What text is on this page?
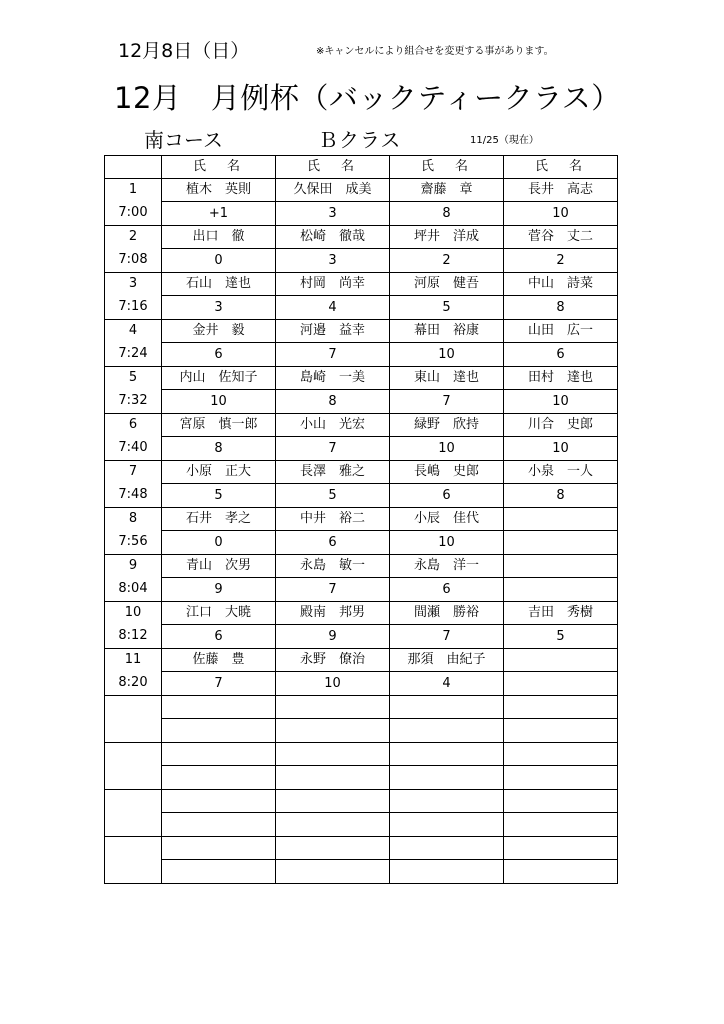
12月8日（日）	※キャンセルにより組合せを変更する事があります。
12月　月例杯（バックティークラス）
南コース	Ｂクラス	11/25（現在）
	氏　名	氏　名	氏　名	氏　名
1	植木　英則	久保田　成美	齋藤　章	長井　高志
7:00	+1	3	8	10
2	出口　徹	松崎　徹哉	坪井　洋成	菅谷　丈二
7:08	0	3	2	2
3	石山　達也	村岡　尚幸	河原　健吾	中山　詩菜
7:16	3	4	5	8
4	金井　毅	河邉　益幸	幕田　裕康	山田　広一
7:24	6	7	10	6
5	内山　佐知子	島崎　一美	東山　達也	田村　達也
7:32	10	8	7	10
6	宮原　慎一郎	小山　光宏	緑野　欣持	川合　史郎
7:40	8	7	10	10
7	小原　正大	長澤　雅之	長嶋　史郎	小泉　一人
7:48	5	5	6	8
8	石井　孝之	中井　裕二	小辰　佳代	
7:56	0	6	10	
9	青山　次男	永島　敏一	永島　洋一	
8:04	9	7	6	
10	江口　大暁	殿南　邦男	間瀬　勝裕	吉田　秀樹
8:12	6	9	7	5
11	佐藤　豊	永野　僚治	那須　由紀子	
8:20	7	10	4	
